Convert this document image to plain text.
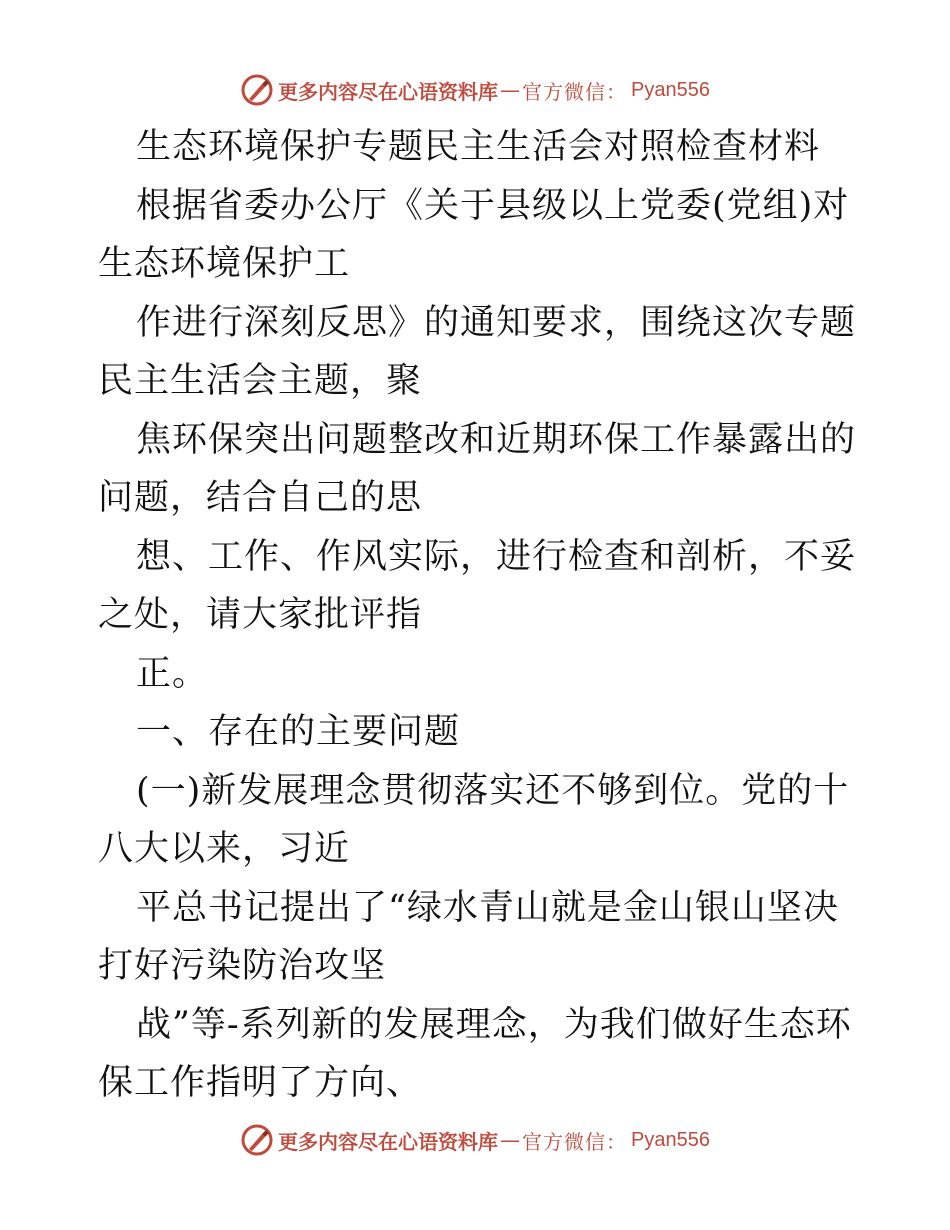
更多内容尽在心语资料库 — 官方微信： Pyan556

生态环境保护专题民主生活会对照检查材料

根据省委办公厅《关于县级以上党委(党组)对生态环境保护工

作进行深刻反思》的通知要求，围绕这次专题民主生活会主题，聚

焦环保突出问题整改和近期环保工作暴露出的问题，结合自己的思

想、工作、作风实际，进行检查和剖析，不妥之处，请大家批评指

正。

一、存在的主要问题

(一)新发展理念贯彻落实还不够到位。党的十八大以来，习近

平总书记提出了“绿水青山就是金山银山坚决打好污染防治攻坚

战”等-系列新的发展理念，为我们做好生态环保工作指明了方向、

更多内容尽在心语资料库 — 官方微信： Pyan556
